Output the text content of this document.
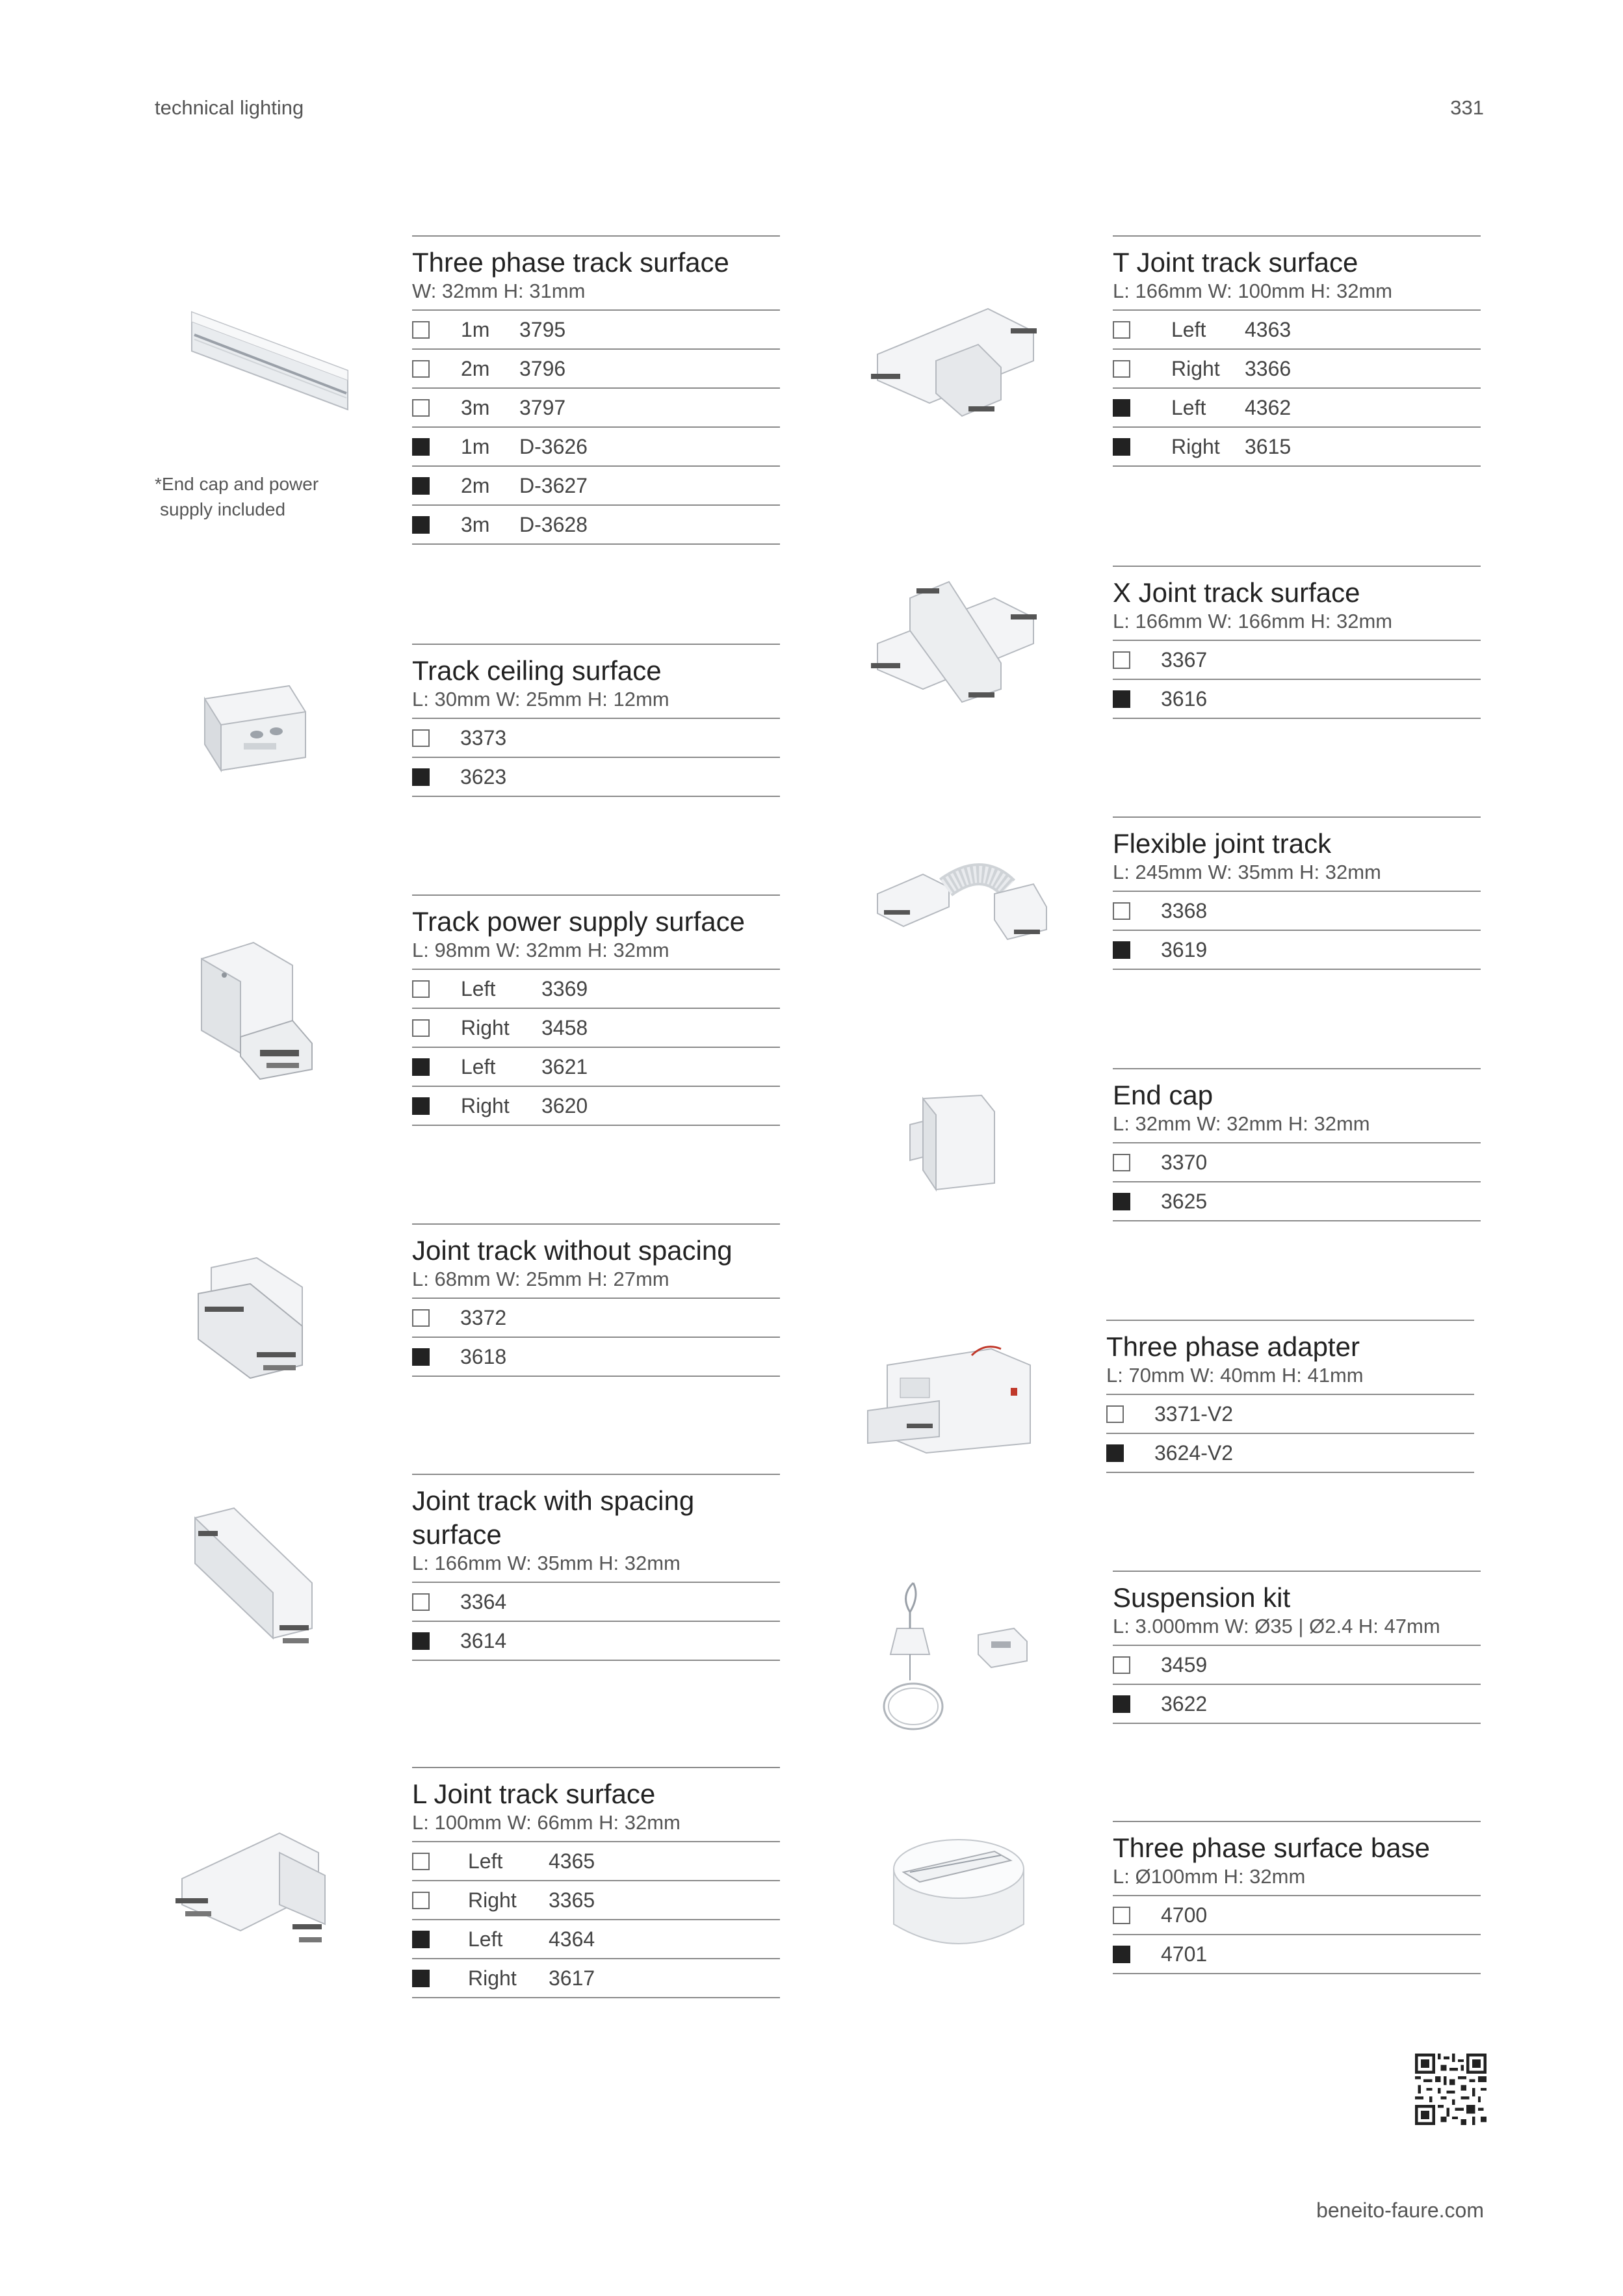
technical lighting	331
*End cap and power
supply included
Three phase track surface
W: 32mm H: 31mm
1m	3795
2m	3796
3m	3797
1m	D-3626
2m	D-3627
3m	D-3628
Track ceiling surface
L: 30mm W: 25mm H: 12mm
3373
3623
Track power supply surface
L: 98mm W: 32mm H: 32mm
Left	3369
Right	3458
Left	3621
Right	3620
Joint track without spacing
L: 68mm W: 25mm H: 27mm
3372
3618
Joint track with spacing
surface
L: 166mm W: 35mm H: 32mm
3364
3614
L Joint track surface
L: 100mm W: 66mm H: 32mm
Left	4365
Right	3365
Left	4364
Right	3617
T Joint track surface
L: 166mm W: 100mm H: 32mm
Left	4363
Right	3366
Left	4362
Right	3615
X Joint track surface
L: 166mm W: 166mm H: 32mm
3367
3616
Flexible joint track
L: 245mm W: 35mm H: 32mm
3368
3619
End cap
L: 32mm W: 32mm H: 32mm
3370
3625
Three phase adapter
L: 70mm W: 40mm H: 41mm
3371-V2
3624-V2
Suspension kit
L: 3.000mm W: Ø35 | Ø2.4 H: 47mm
3459
3622
Three phase surface base
L: Ø100mm H: 32mm
4700
4701
beneito-faure.com
